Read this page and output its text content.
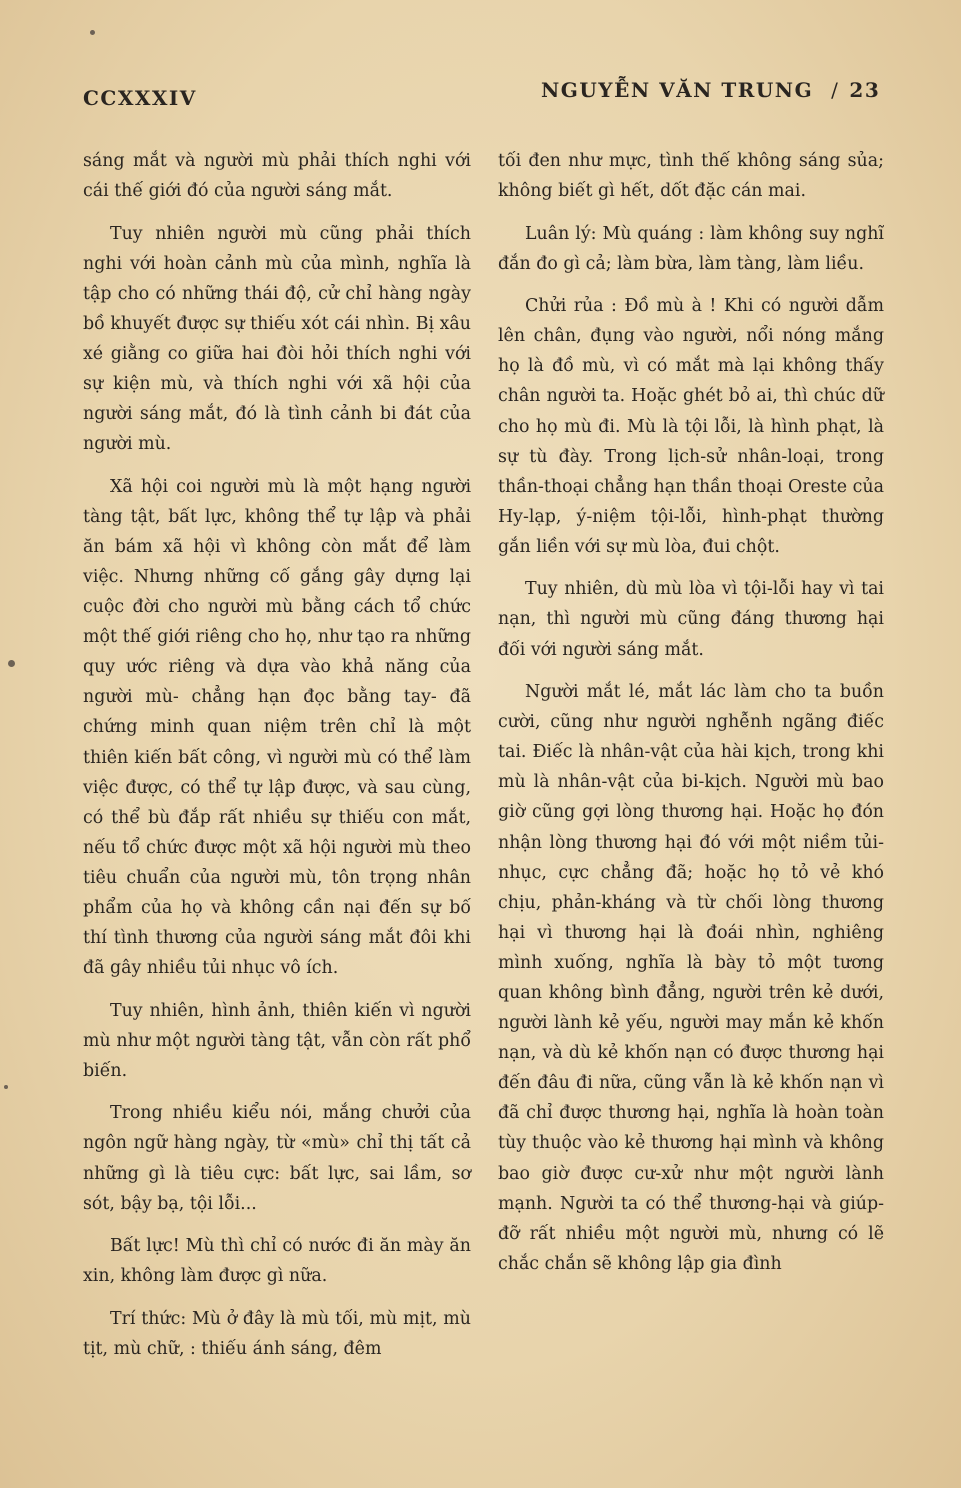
CCXXXIV	NGUYỄN VĂN TRUNG / 23

sáng mắt và người mù phải thích nghi với cái thế giới đó của người sáng mắt.

Tuy nhiên người mù cũng phải thích nghi với hoàn cảnh mù của mình, nghĩa là tập cho có những thái độ, cử chỉ hàng ngày bồ khuyết được sự thiếu xót cái nhìn. Bị xâu xé giằng co giữa hai đòi hỏi thích nghi với sự kiện mù, và thích nghi với xã hội của người sáng mắt, đó là tình cảnh bi đát của người mù.

Xã hội coi người mù là một hạng người tàng tật, bất lực, không thể tự lập và phải ăn bám xã hội vì không còn mắt để làm việc. Nhưng những cố gắng gây dựng lại cuộc đời cho người mù bằng cách tổ chức một thế giới riêng cho họ, như tạo ra những quy ước riêng và dựa vào khả năng của người mù- chẳng hạn đọc bằng tay- đã chứng minh quan niệm trên chỉ là một thiên kiến bất công, vì người mù có thể làm việc được, có thể tự lập được, và sau cùng, có thể bù đắp rất nhiều sự thiếu con mắt, nếu tổ chức được một xã hội người mù theo tiêu chuẩn của người mù, tôn trọng nhân phẩm của họ và không cần nại đến sự bố thí tình thương của người sáng mắt đôi khi đã gây nhiều tủi nhục vô ích.

Tuy nhiên, hình ảnh, thiên kiến vì người mù như một người tàng tật, vẫn còn rất phổ biến.

Trong nhiều kiểu nói, mắng chưởi của ngôn ngữ hàng ngày, từ «mù» chỉ thị tất cả những gì là tiêu cực: bất lực, sai lầm, sơ sót, bậy bạ, tội lỗi...

Bất lực! Mù thì chỉ có nước đi ăn mày ăn xin, không làm được gì nữa.

Trí thức: Mù ở đây là mù tối, mù mịt, mù tịt, mù chữ, : thiếu ánh sáng, đêm

tối đen như mực, tình thế không sáng sủa; không biết gì hết, dốt đặc cán mai.

Luân lý: Mù quáng : làm không suy nghĩ đắn đo gì cả; làm bừa, làm tàng, làm liều.

Chửi rủa : Đồ mù à ! Khi có người dẫm lên chân, đụng vào người, nổi nóng mắng họ là đồ mù, vì có mắt mà lại không thấy chân người ta. Hoặc ghét bỏ ai, thì chúc dữ cho họ mù đi. Mù là tội lỗi, là hình phạt, là sự tù đày. Trong lịch-sử nhân-loại, trong thần-thoại chẳng hạn thần thoại Oreste của Hy-lạp, ý-niệm tội-lỗi, hình-phạt thường gắn liền với sự mù lòa, đui chột.

Tuy nhiên, dù mù lòa vì tội-lỗi hay vì tai nạn, thì người mù cũng đáng thương hại đối với người sáng mắt.

Người mắt lé, mắt lác làm cho ta buồn cười, cũng như người nghễnh ngãng điếc tai. Điếc là nhân-vật của hài kịch, trong khi mù là nhân-vật của bi-kịch. Người mù bao giờ cũng gợi lòng thương hại. Hoặc họ đón nhận lòng thương hại đó với một niềm tủi-nhục, cực chẳng đã; hoặc họ tỏ vẻ khó chịu, phản-kháng và từ chối lòng thương hại vì thương hại là đoái nhìn, nghiêng mình xuống, nghĩa là bày tỏ một tương quan không bình đẳng, người trên kẻ dưới, người lành kẻ yếu, người may mắn kẻ khốn nạn, và dù kẻ khốn nạn có được thương hại đến đâu đi nữa, cũng vẫn là kẻ khốn nạn vì đã chỉ được thương hại, nghĩa là hoàn toàn tùy thuộc vào kẻ thương hại mình và không bao giờ được cư-xử như một người lành mạnh. Người ta có thể thương-hại và giúp-đỡ rất nhiều một người mù, nhưng có lẽ chắc chắn sẽ không lập gia đình
